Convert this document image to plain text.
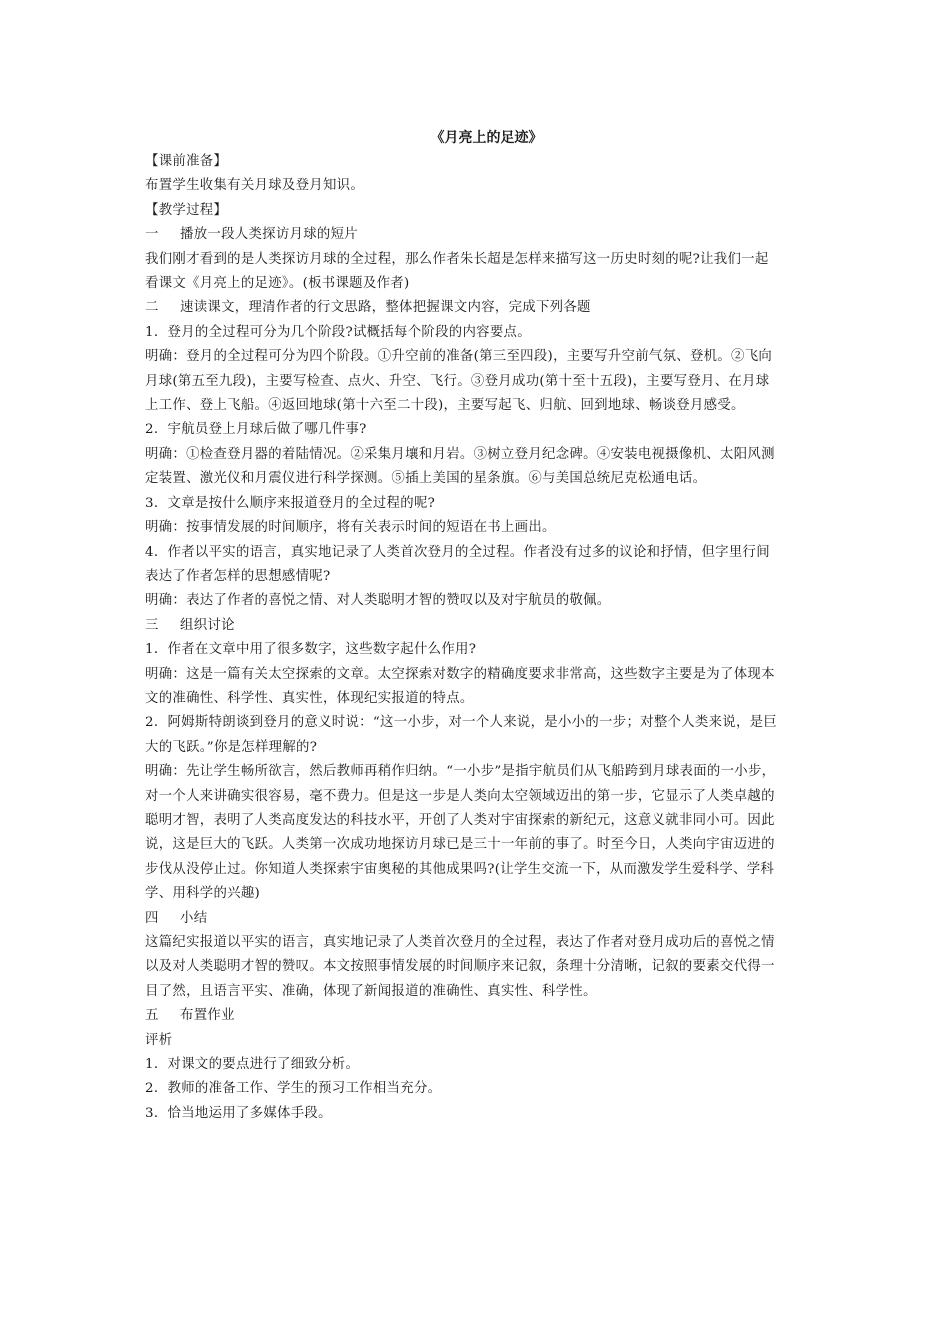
《月亮上的足迹》
【课前准备】
布置学生收集有关月球及登月知识。
【教学过程】
一	播放一段人类探访月球的短片
我们刚才看到的是人类探访月球的全过程，那么作者朱长超是怎样来描写这一历史时刻的呢?让我们一起
看课文《月亮上的足迹》。(板书课题及作者)
二	速读课文，理清作者的行文思路，整体把握课文内容，完成下列各题
1．登月的全过程可分为几个阶段?试概括每个阶段的内容要点。
明确：登月的全过程可分为四个阶段。①升空前的准备(第三至四段)，主要写升空前气氛、登机。②飞向
月球(第五至九段)，主要写检查、点火、升空、飞行。③登月成功(第十至十五段)，主要写登月、在月球
上工作、登上飞船。④返回地球(第十六至二十段)，主要写起飞、归航、回到地球、畅谈登月感受。
2．宇航员登上月球后做了哪几件事?
明确：①检查登月器的着陆情况。②采集月壤和月岩。③树立登月纪念碑。④安装电视摄像机、太阳风测
定装置、激光仪和月震仪进行科学探测。⑤插上美国的星条旗。⑥与美国总统尼克松通电话。
3．文章是按什么顺序来报道登月的全过程的呢?
明确：按事情发展的时间顺序，将有关表示时间的短语在书上画出。
4．作者以平实的语言，真实地记录了人类首次登月的全过程。作者没有过多的议论和抒情，但字里行间
表达了作者怎样的思想感情呢?
明确：表达了作者的喜悦之情、对人类聪明才智的赞叹以及对宇航员的敬佩。
三	组织讨论
1．作者在文章中用了很多数字，这些数字起什么作用?
明确：这是一篇有关太空探索的文章。太空探索对数字的精确度要求非常高，这些数字主要是为了体现本
文的准确性、科学性、真实性，体现纪实报道的特点。
2．阿姆斯特朗谈到登月的意义时说：“这一小步，对一个人来说，是小小的一步；对整个人类来说，是巨
大的飞跃。”你是怎样理解的?
明确：先让学生畅所欲言，然后教师再稍作归纳。“一小步”是指宇航员们从飞船跨到月球表面的一小步，
对一个人来讲确实很容易，毫不费力。但是这一步是人类向太空领域迈出的第一步，它显示了人类卓越的
聪明才智，表明了人类高度发达的科技水平，开创了人类对宇宙探索的新纪元，这意义就非同小可。因此
说，这是巨大的飞跃。人类第一次成功地探访月球已是三十一年前的事了。时至今日，人类向宇宙迈进的
步伐从没停止过。你知道人类探索宇宙奥秘的其他成果吗?(让学生交流一下，从而激发学生爱科学、学科
学、用科学的兴趣)
四	小结
这篇纪实报道以平实的语言，真实地记录了人类首次登月的全过程，表达了作者对登月成功后的喜悦之情
以及对人类聪明才智的赞叹。本文按照事情发展的时间顺序来记叙，条理十分清晰，记叙的要素交代得一
目了然，且语言平实、准确，体现了新闻报道的准确性、真实性、科学性。
五	布置作业
评析
1．对课文的要点进行了细致分析。
2．教师的准备工作、学生的预习工作相当充分。
3．恰当地运用了多媒体手段。
